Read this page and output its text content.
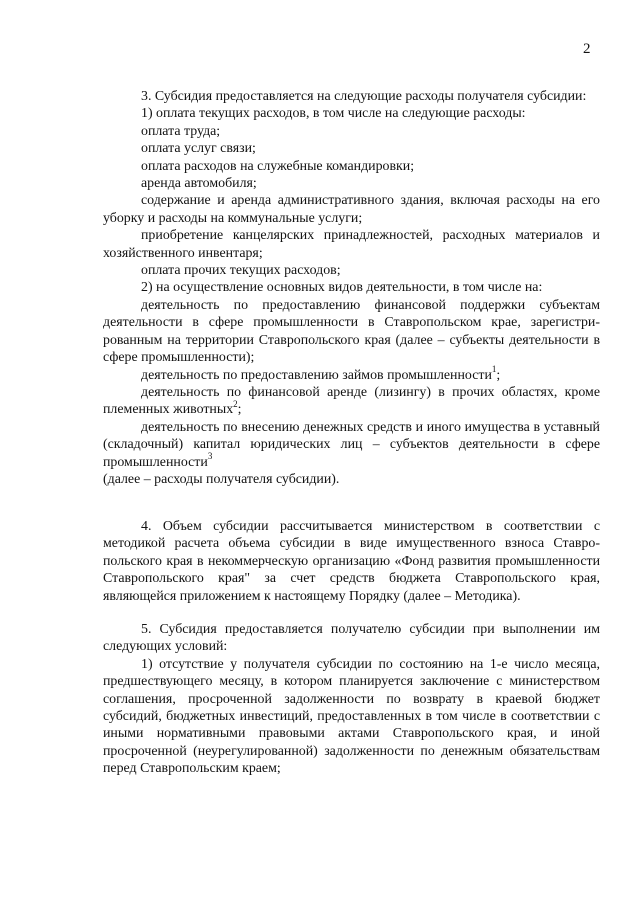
2

3. Субсидия предоставляется на следующие расходы получателя субсидии:

1) оплата текущих расходов, в том числе на следующие расходы:

оплата труда;

оплата услуг связи;

оплата расходов на служебные командировки;

аренда автомобиля;

содержание и аренда административного здания, включая расходы на его уборку и расходы на коммунальные услуги;

приобретение канцелярских принадлежностей, расходных материалов и хозяйственного инвентаря;

оплата прочих текущих расходов;

2) на осуществление основных видов деятельности, в том числе на:

деятельность по предоставлению финансовой поддержки субъектам деятельности в сфере промышленности в Ставропольском крае, зарегистрированным на территории Ставропольского края (далее – субъекты деятельности в сфере промышленности);

деятельность по предоставлению займов промышленности$^1$;

деятельность по финансовой аренде (лизингу) в прочих областях, кроме племенных животных$^2$;

деятельность по внесению денежных средств и иного имущества в уставный (складочный) капитал юридических лиц – субъектов деятельности в сфере промышленности$^3$

(далее – расходы получателя субсидии).

4. Объем субсидии рассчитывается министерством в соответствии с методикой расчета объема субсидии в виде имущественного взноса Ставропольского края в некоммерческую организацию «Фонд развития промышленности Ставропольского края" за счет средств бюджета Ставропольского края, являющейся приложением к настоящему Порядку (далее – Методика).

5. Субсидия предоставляется получателю субсидии при выполнении им следующих условий:

1) отсутствие у получателя субсидии по состоянию на 1-е число месяца, предшествующего месяцу, в котором планируется заключение с министерством соглашения, просроченной задолженности по возврату в краевой бюджет субсидий, бюджетных инвестиций, предоставленных в том числе в соответствии с иными нормативными правовыми актами Ставропольского края, и иной просроченной (неурегулированной) задолженности по денежным обязательствам перед Ставропольским краем;
